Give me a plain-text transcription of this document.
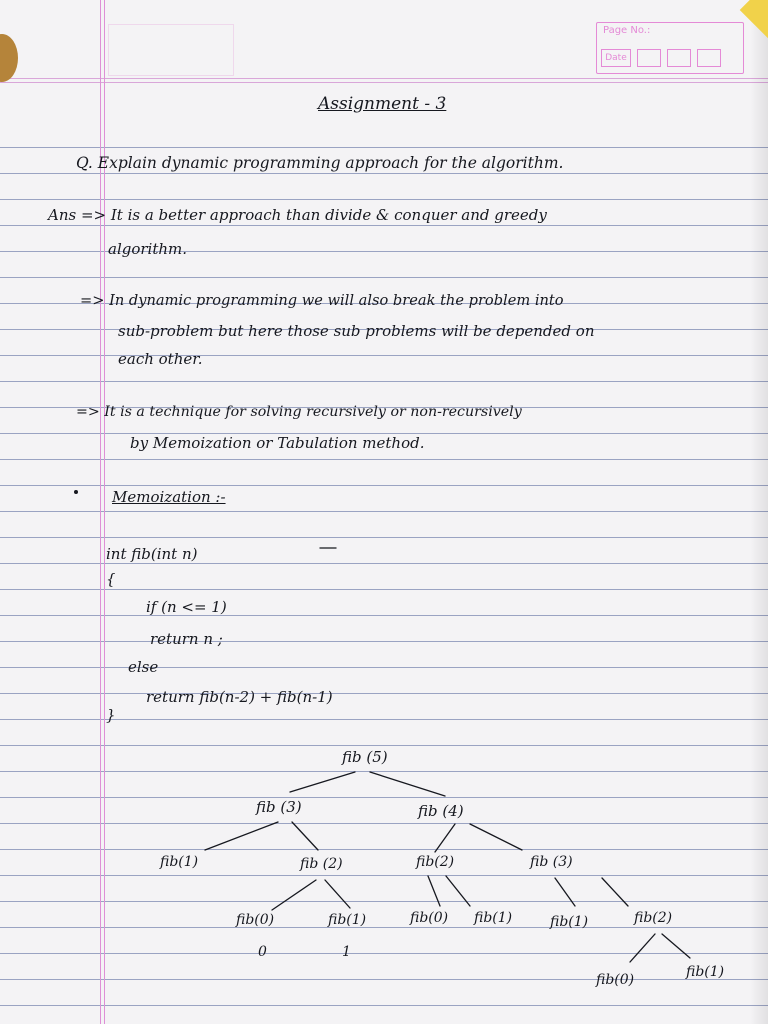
Page No.:
Date
Assignment - 3
Q. Explain dynamic programming approach for the algorithm.
Ans => It is a better approach than divide & conquer and greedy
algorithm.
=> In dynamic programming we will also break the problem into
sub-problem but here those sub problems will be depended on
each other.
=> It is a technique for solving recursively or non-recursively
by Memoization or Tabulation method.
Memoization :-
int fib(int n)
{
if (n <= 1)
return n ;
else
return fib(n-2) + fib(n-1)
}
fib (5)
fib (3)	fib (4)
fib(1)	fib (2)	fib(2)	fib (3)
fib(0)	fib(1)	fib(0) fib(1)	fib(1)	fib(2)
0	1
fib(0)	fib(1)
